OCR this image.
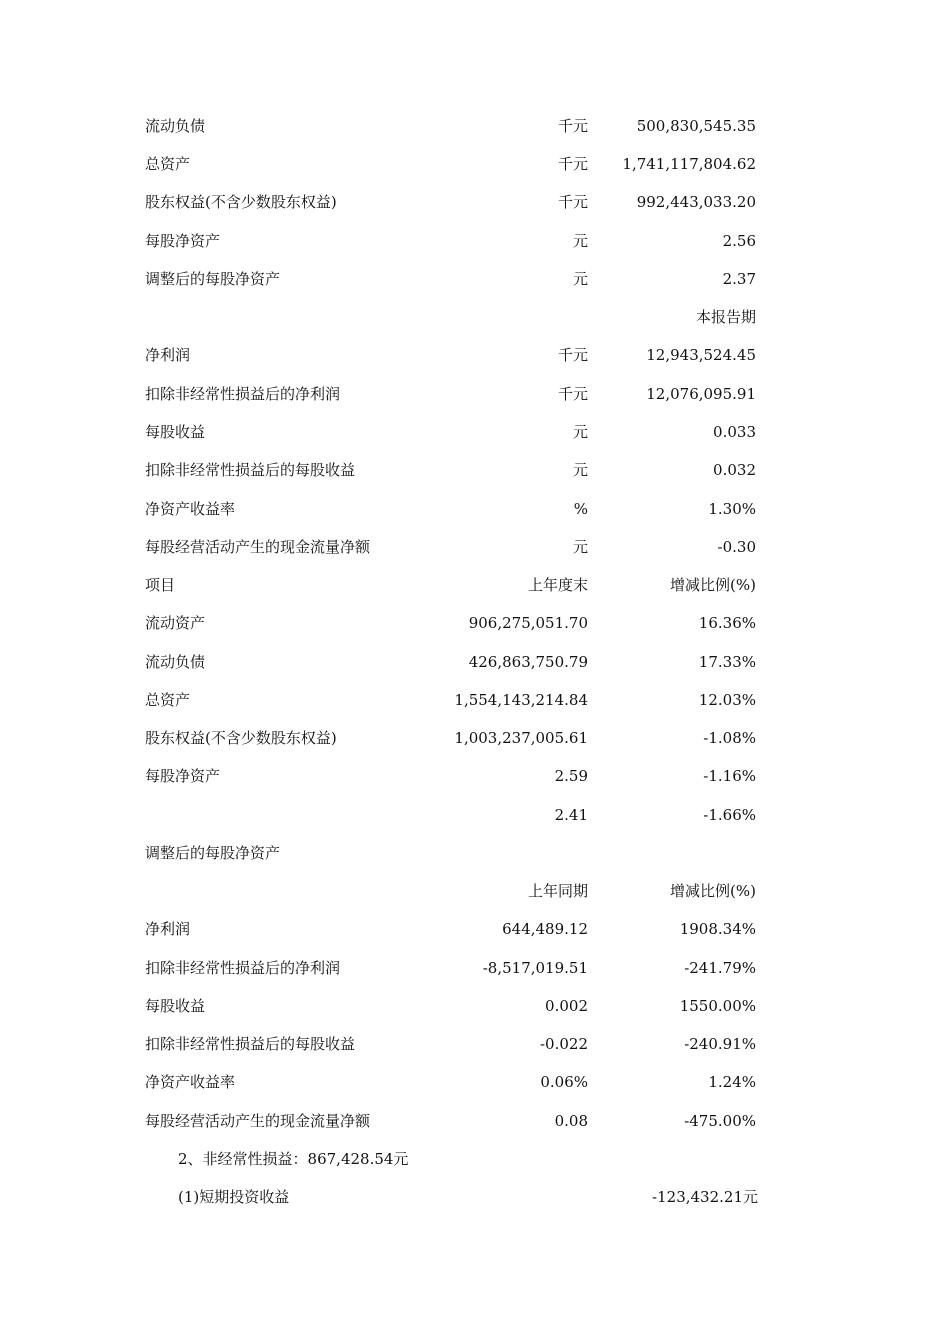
流动负债	千元	500,830,545.35
总资产	千元 1,741,117,804.62
股东权益(不含少数股东权益)	千元	992,443,033.20
每股净资产	元	2.56
调整后的每股净资产	元	2.37
本报告期
净利润	千元	12,943,524.45
扣除非经常性损益后的净利润	千元	12,076,095.91
每股收益	元	0.033
扣除非经常性损益后的每股收益	元	0.032
净资产收益率	%	1.30%
每股经营活动产生的现金流量净额	元	-0.30
项目	上年度末	增减比例(%)
流动资产	906,275,051.70	16.36%
流动负债	426,863,750.79	17.33%
总资产	1,554,143,214.84	12.03%
股东权益(不含少数股东权益)	1,003,237,005.61	-1.08%
每股净资产	2.59	-1.16%
2.41	-1.66%
调整后的每股净资产
上年同期	增减比例(%)
净利润	644,489.12	1908.34%
扣除非经常性损益后的净利润	-8,517,019.51	-241.79%
每股收益	0.002	1550.00%
扣除非经常性损益后的每股收益	-0.022	-240.91%
净资产收益率	0.06%	1.24%
每股经营活动产生的现金流量净额	0.08	-475.00%
2、非经常性损益：867,428.54元
(1)短期投资收益	-123,432.21元
